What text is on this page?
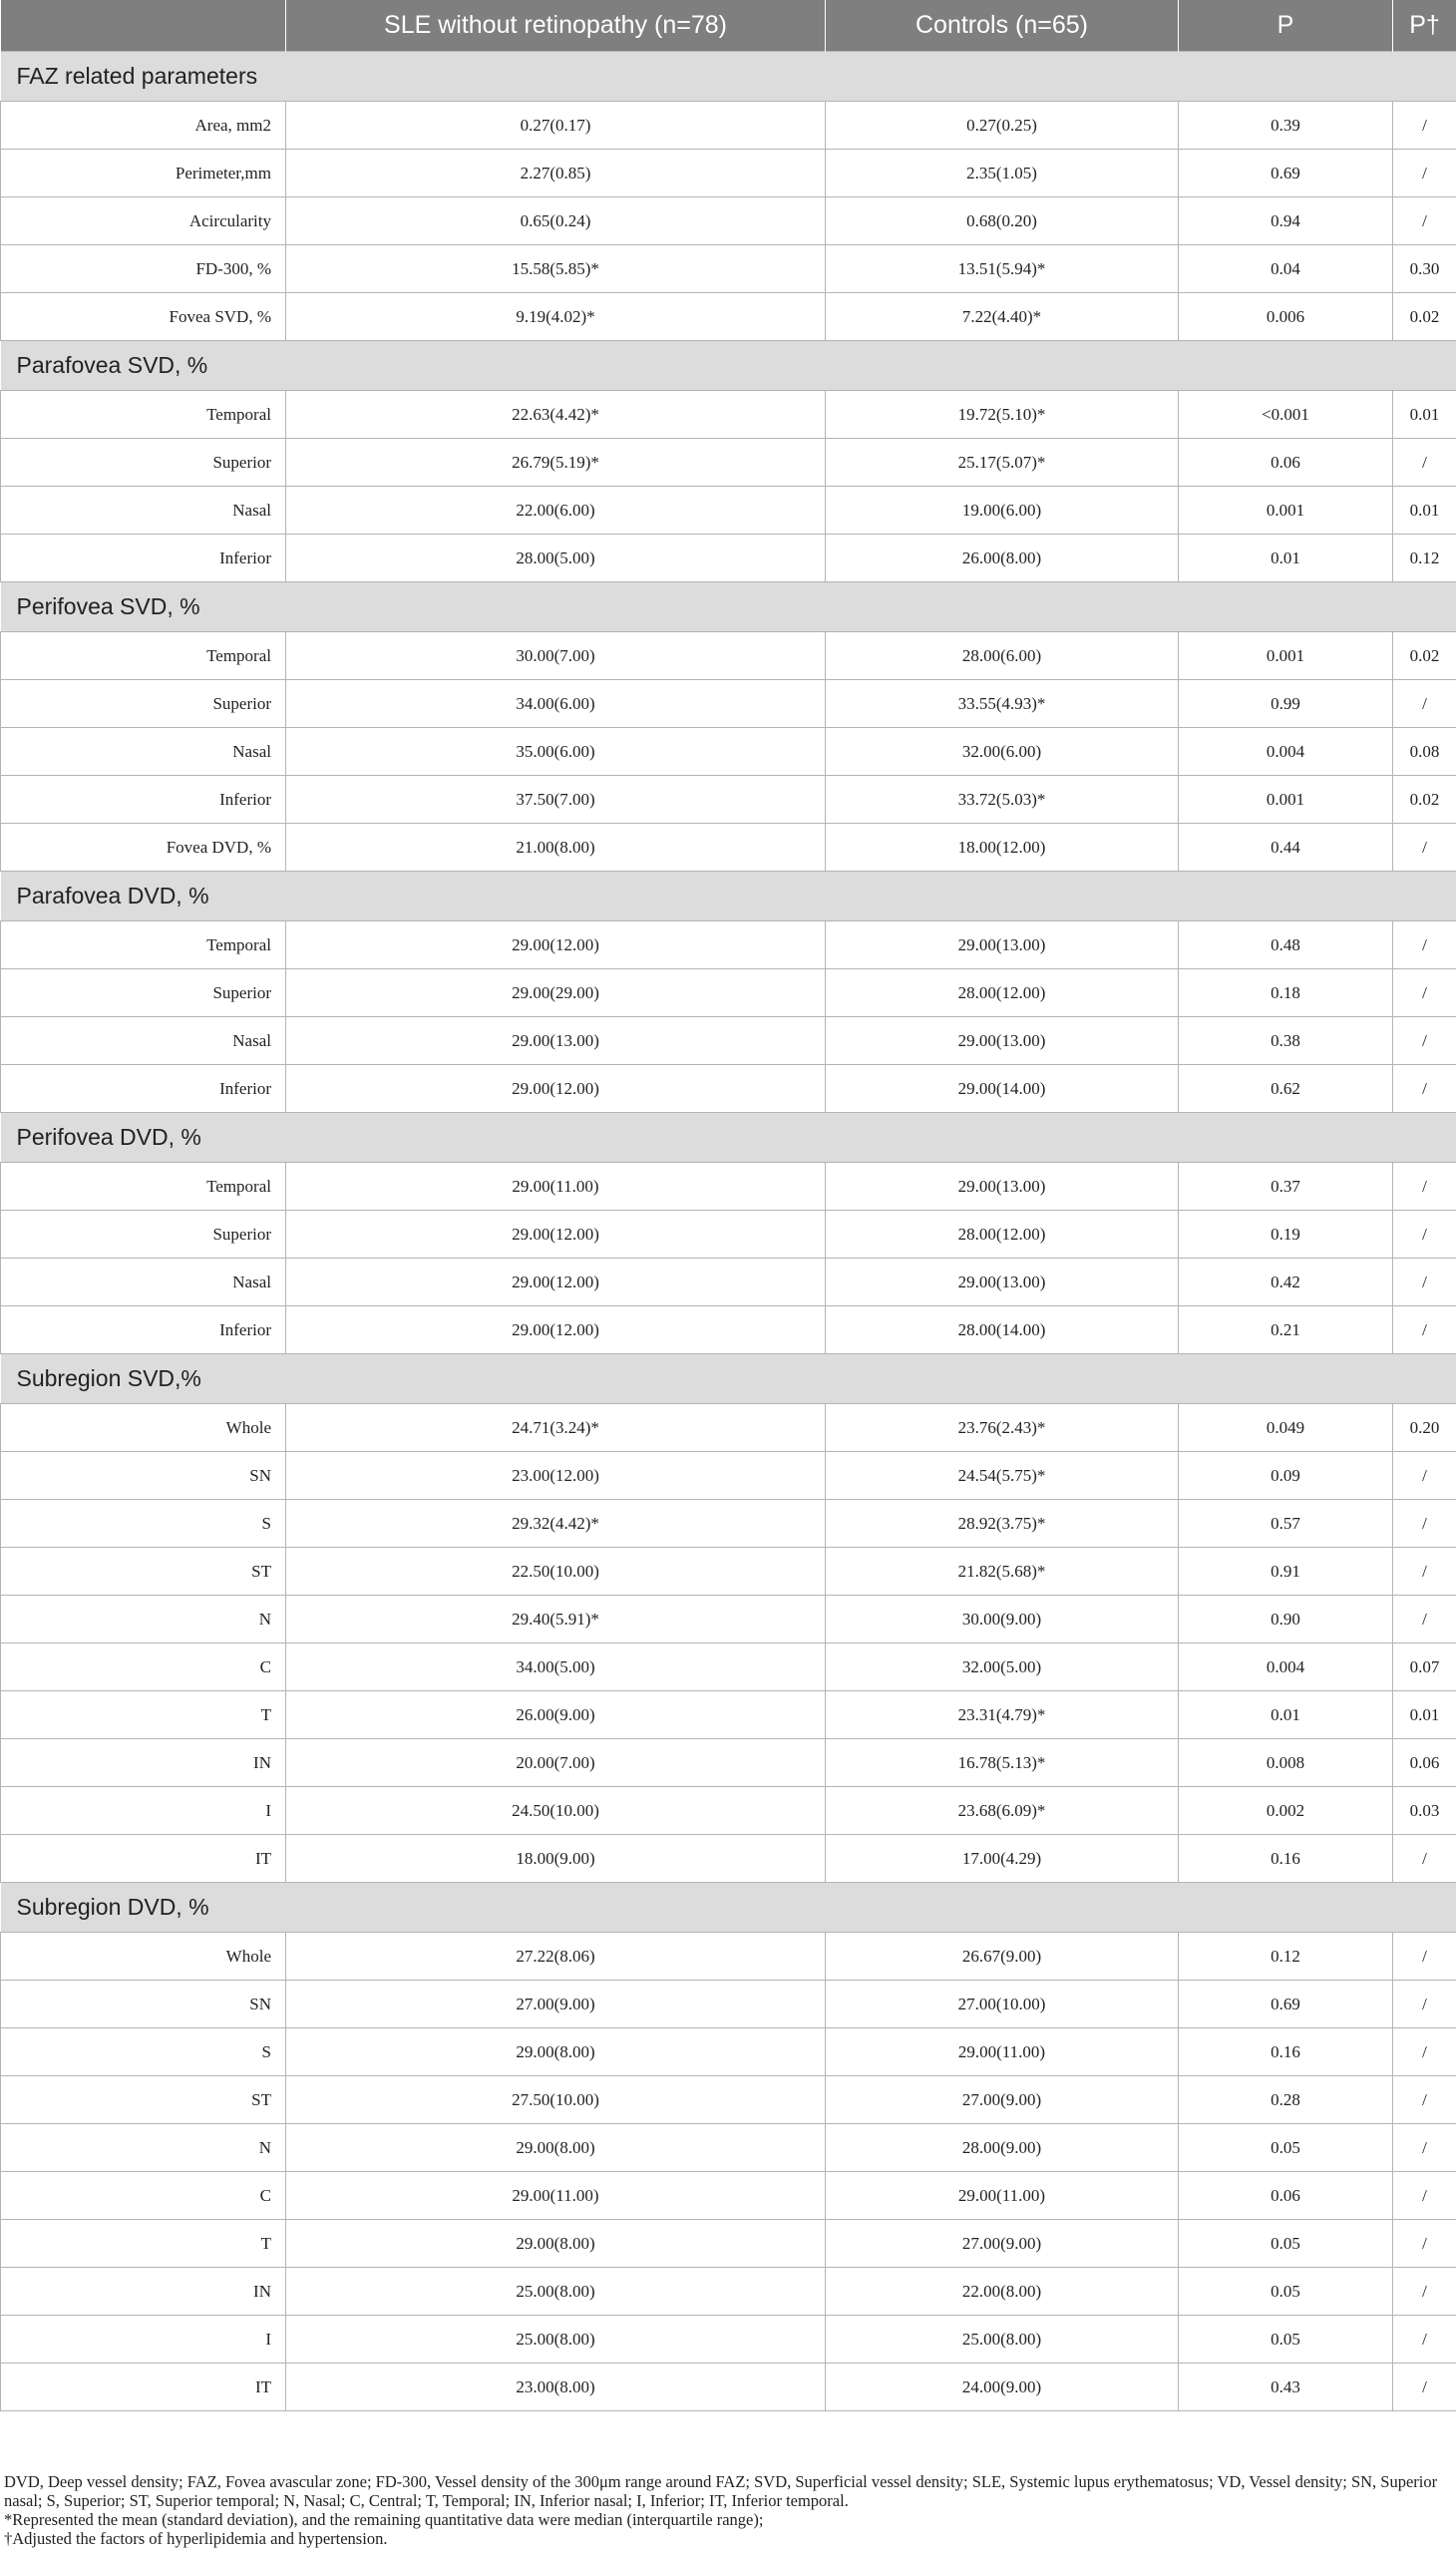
	SLE without retinopathy (n=78)	Controls (n=65)	P	P†
FAZ related parameters				
Area, mm2	0.27(0.17)	0.27(0.25)	0.39	/
Perimeter,mm	2.27(0.85)	2.35(1.05)	0.69	/
Acircularity	0.65(0.24)	0.68(0.20)	0.94	/
FD-300, %	15.58(5.85)*	13.51(5.94)*	0.04	0.30
Fovea SVD, %	9.19(4.02)*	7.22(4.40)*	0.006	0.02
Parafovea SVD, %				
Temporal	22.63(4.42)*	19.72(5.10)*	<0.001	0.01
Superior	26.79(5.19)*	25.17(5.07)*	0.06	/
Nasal	22.00(6.00)	19.00(6.00)	0.001	0.01
Inferior	28.00(5.00)	26.00(8.00)	0.01	0.12
Perifovea SVD, %				
Temporal	30.00(7.00)	28.00(6.00)	0.001	0.02
Superior	34.00(6.00)	33.55(4.93)*	0.99	/
Nasal	35.00(6.00)	32.00(6.00)	0.004	0.08
Inferior	37.50(7.00)	33.72(5.03)*	0.001	0.02
Fovea DVD, %	21.00(8.00)	18.00(12.00)	0.44	/
Parafovea DVD, %				
Temporal	29.00(12.00)	29.00(13.00)	0.48	/
Superior	29.00(29.00)	28.00(12.00)	0.18	/
Nasal	29.00(13.00)	29.00(13.00)	0.38	/
Inferior	29.00(12.00)	29.00(14.00)	0.62	/
Perifovea DVD, %				
Temporal	29.00(11.00)	29.00(13.00)	0.37	/
Superior	29.00(12.00)	28.00(12.00)	0.19	/
Nasal	29.00(12.00)	29.00(13.00)	0.42	/
Inferior	29.00(12.00)	28.00(14.00)	0.21	/
Subregion SVD,%				
Whole	24.71(3.24)*	23.76(2.43)*	0.049	0.20
SN	23.00(12.00)	24.54(5.75)*	0.09	/
S	29.32(4.42)*	28.92(3.75)*	0.57	/
ST	22.50(10.00)	21.82(5.68)*	0.91	/
N	29.40(5.91)*	30.00(9.00)	0.90	/
C	34.00(5.00)	32.00(5.00)	0.004	0.07
T	26.00(9.00)	23.31(4.79)*	0.01	0.01
IN	20.00(7.00)	16.78(5.13)*	0.008	0.06
I	24.50(10.00)	23.68(6.09)*	0.002	0.03
IT	18.00(9.00)	17.00(4.29)	0.16	/
Subregion DVD, %				
Whole	27.22(8.06)	26.67(9.00)	0.12	/
SN	27.00(9.00)	27.00(10.00)	0.69	/
S	29.00(8.00)	29.00(11.00)	0.16	/
ST	27.50(10.00)	27.00(9.00)	0.28	/
N	29.00(8.00)	28.00(9.00)	0.05	/
C	29.00(11.00)	29.00(11.00)	0.06	/
T	29.00(8.00)	27.00(9.00)	0.05	/
IN	25.00(8.00)	22.00(8.00)	0.05	/
I	25.00(8.00)	25.00(8.00)	0.05	/
IT	23.00(8.00)	24.00(9.00)	0.43	/

DVD, Deep vessel density; FAZ, Fovea avascular zone; FD-300, Vessel density of the 300μm range around FAZ; SVD, Superficial vessel density; SLE, Systemic lupus erythematosus; VD, Vessel density; SN, Superior nasal; S, Superior; ST, Superior temporal; N, Nasal; C, Central; T, Temporal; IN, Inferior nasal; I, Inferior; IT, Inferior temporal.

*Represented the mean (standard deviation), and the remaining quantitative data were median (interquartile range);

†Adjusted the factors of hyperlipidemia and hypertension.
